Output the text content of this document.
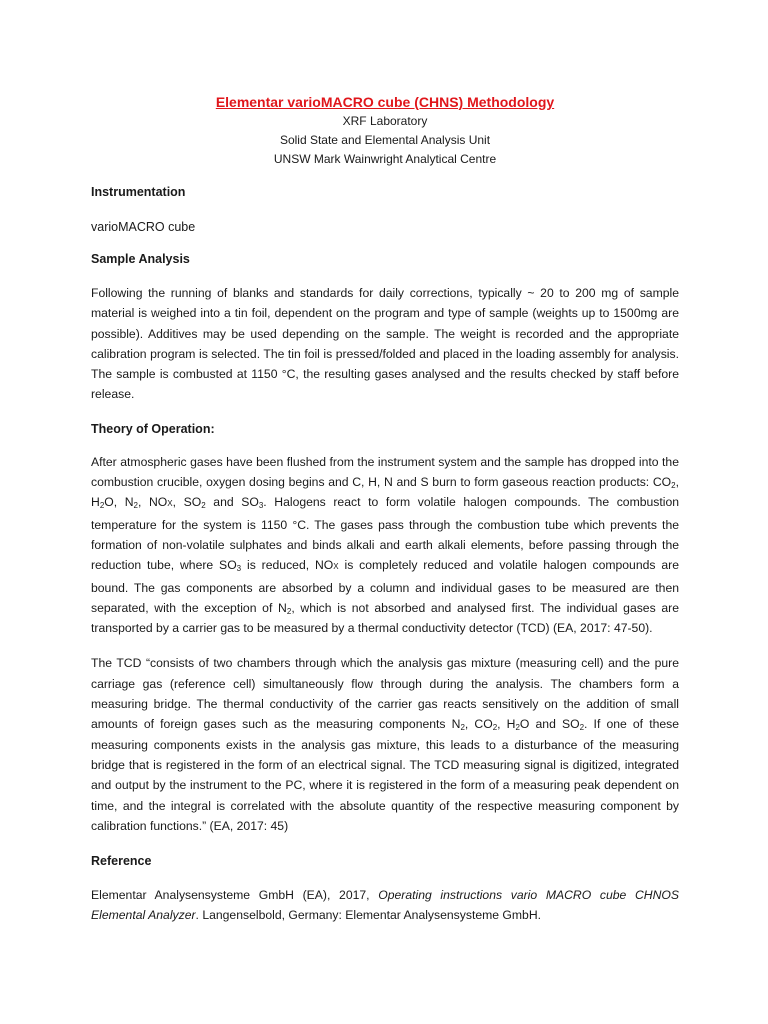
Elementar varioMACRO cube (CHNS) Methodology

XRF Laboratory

Solid State and Elemental Analysis Unit

UNSW Mark Wainwright Analytical Centre

Instrumentation

varioMACRO cube

Sample Analysis

Following the running of blanks and standards for daily corrections, typically ~ 20 to 200 mg of sample material is weighed into a tin foil, dependent on the program and type of sample (weights up to 1500mg are possible). Additives may be used depending on the sample. The weight is recorded and the appropriate calibration program is selected. The tin foil is pressed/folded and placed in the loading assembly for analysis. The sample is combusted at 1150 °C, the resulting gases analysed and the results checked by staff before release.

Theory of Operation:

After atmospheric gases have been flushed from the instrument system and the sample has dropped into the combustion crucible, oxygen dosing begins and C, H, N and S burn to form gaseous reaction products: $CO_2$, $H_2O$, $N_2$, NOX, $SO_2$ and $SO_3$. Halogens react to form volatile halogen compounds. The combustion temperature for the system is 1150 °C. The gases pass through the combustion tube which prevents the formation of non-volatile sulphates and binds alkali and earth alkali elements, before passing through the reduction tube, where $SO_3$ is reduced, NOX is completely reduced and volatile halogen compounds are bound. The gas components are absorbed by a column and individual gases to be measured are then separated, with the exception of $N_2$, which is not absorbed and analysed first. The individual gases are transported by a carrier gas to be measured by a thermal conductivity detector (TCD) (EA, 2017: 47-50).

The TCD “consists of two chambers through which the analysis gas mixture (measuring cell) and the pure carriage gas (reference cell) simultaneously flow through during the analysis. The chambers form a measuring bridge. The thermal conductivity of the carrier gas reacts sensitively on the addition of small amounts of foreign gases such as the measuring components $N_2$, $CO_2$, $H_2O$ and $SO_2$. If one of these measuring components exists in the analysis gas mixture, this leads to a disturbance of the measuring bridge that is registered in the form of an electrical signal. The TCD measuring signal is digitized, integrated and output by the instrument to the PC, where it is registered in the form of a measuring peak dependent on time, and the integral is correlated with the absolute quantity of the respective measuring component by calibration functions.” (EA, 2017: 45)

Reference

Elementar Analysensysteme GmbH (EA), 2017, Operating instructions vario MACRO cube CHNOS Elemental Analyzer. Langenselbold, Germany: Elementar Analysensysteme GmbH.
